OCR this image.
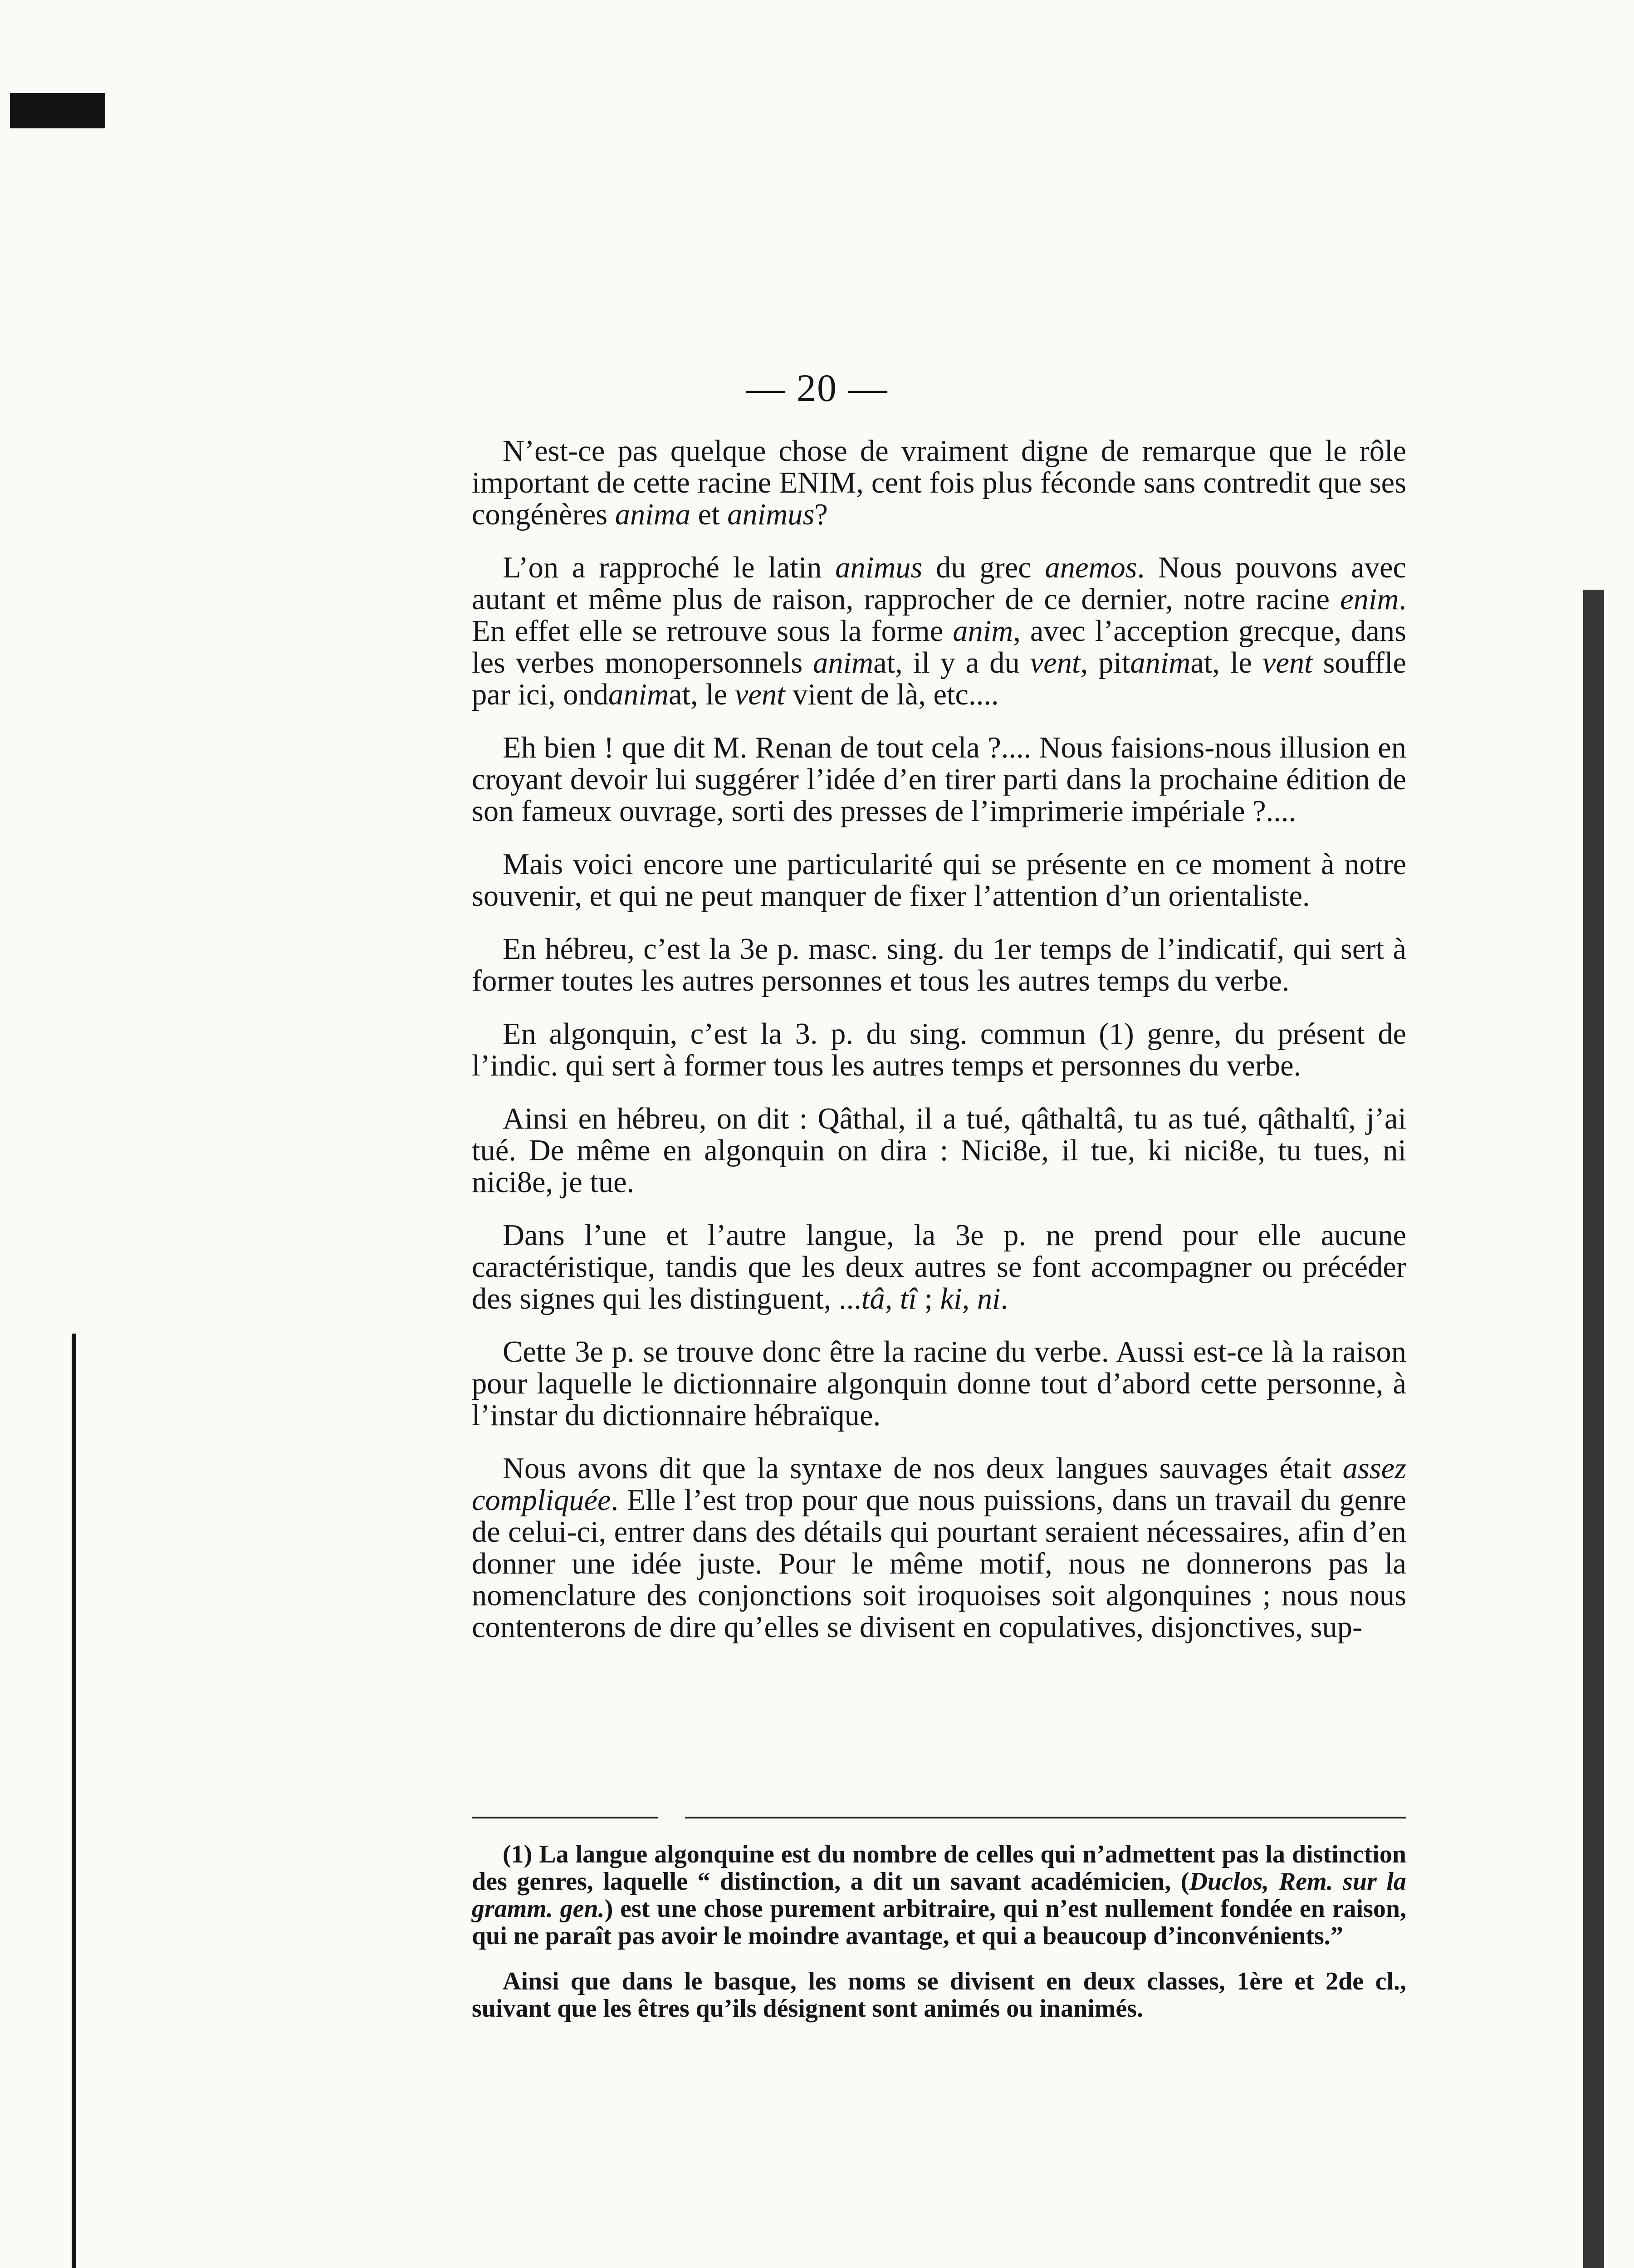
— 20 —

N’est-ce pas quelque chose de vraiment digne de remarque que le rôle important de cette racine ENIM, cent fois plus féconde sans contredit que ses congénères anima et animus?

L’on a rapproché le latin animus du grec anemos. Nous pouvons avec autant et même plus de raison, rapprocher de ce dernier, notre racine enim. En effet elle se retrouve sous la forme anim, avec l’acception grecque, dans les verbes monopersonnels animat, il y a du vent, pitanimat, le vent souffle par ici, ondanimat, le vent vient de là, etc....

Eh bien ! que dit M. Renan de tout cela ?.... Nous faisions-nous illusion en croyant devoir lui suggérer l’idée d’en tirer parti dans la prochaine édition de son fameux ouvrage, sorti des presses de l’imprimerie impériale ?....

Mais voici encore une particularité qui se présente en ce moment à notre souvenir, et qui ne peut manquer de fixer l’attention d’un orientaliste.

En hébreu, c’est la 3e p. masc. sing. du 1er temps de l’indicatif, qui sert à former toutes les autres personnes et tous les autres temps du verbe.

En algonquin, c’est la 3. p. du sing. commun (1) genre, du présent de l’indic. qui sert à former tous les autres temps et personnes du verbe.

Ainsi en hébreu, on dit : Qâthal, il a tué, qâthaltâ, tu as tué, qâthaltî, j’ai tué. De même en algonquin on dira : Nici8e, il tue, ki nici8e, tu tues, ni nici8e, je tue.

Dans l’une et l’autre langue, la 3e p. ne prend pour elle aucune caractéristique, tandis que les deux autres se font accompagner ou précéder des signes qui les distinguent, ...tâ, tî ; ki, ni.

Cette 3e p. se trouve donc être la racine du verbe. Aussi est-ce là la raison pour laquelle le dictionnaire algonquin donne tout d’abord cette personne, à l’instar du dictionnaire hébraïque.

Nous avons dit que la syntaxe de nos deux langues sauvages était assez compliquée. Elle l’est trop pour que nous puissions, dans un travail du genre de celui-ci, entrer dans des détails qui pourtant seraient nécessaires, afin d’en donner une idée juste. Pour le même motif, nous ne donnerons pas la nomenclature des conjonctions soit iroquoises soit algonquines ; nous nous contenterons de dire qu’elles se divisent en copulatives, disjonctives, sup-

(1) La langue algonquine est du nombre de celles qui n’admettent pas la distinction des genres, laquelle “ distinction, a dit un savant académicien, (Duclos, Rem. sur la gramm. gen.) est une chose purement arbitraire, qui n’est nullement fondée en raison, qui ne paraît pas avoir le moindre avantage, et qui a beaucoup d’inconvénients.”

Ainsi que dans le basque, les noms se divisent en deux classes, 1ère et 2de cl., suivant que les êtres qu’ils désignent sont animés ou inanimés.
